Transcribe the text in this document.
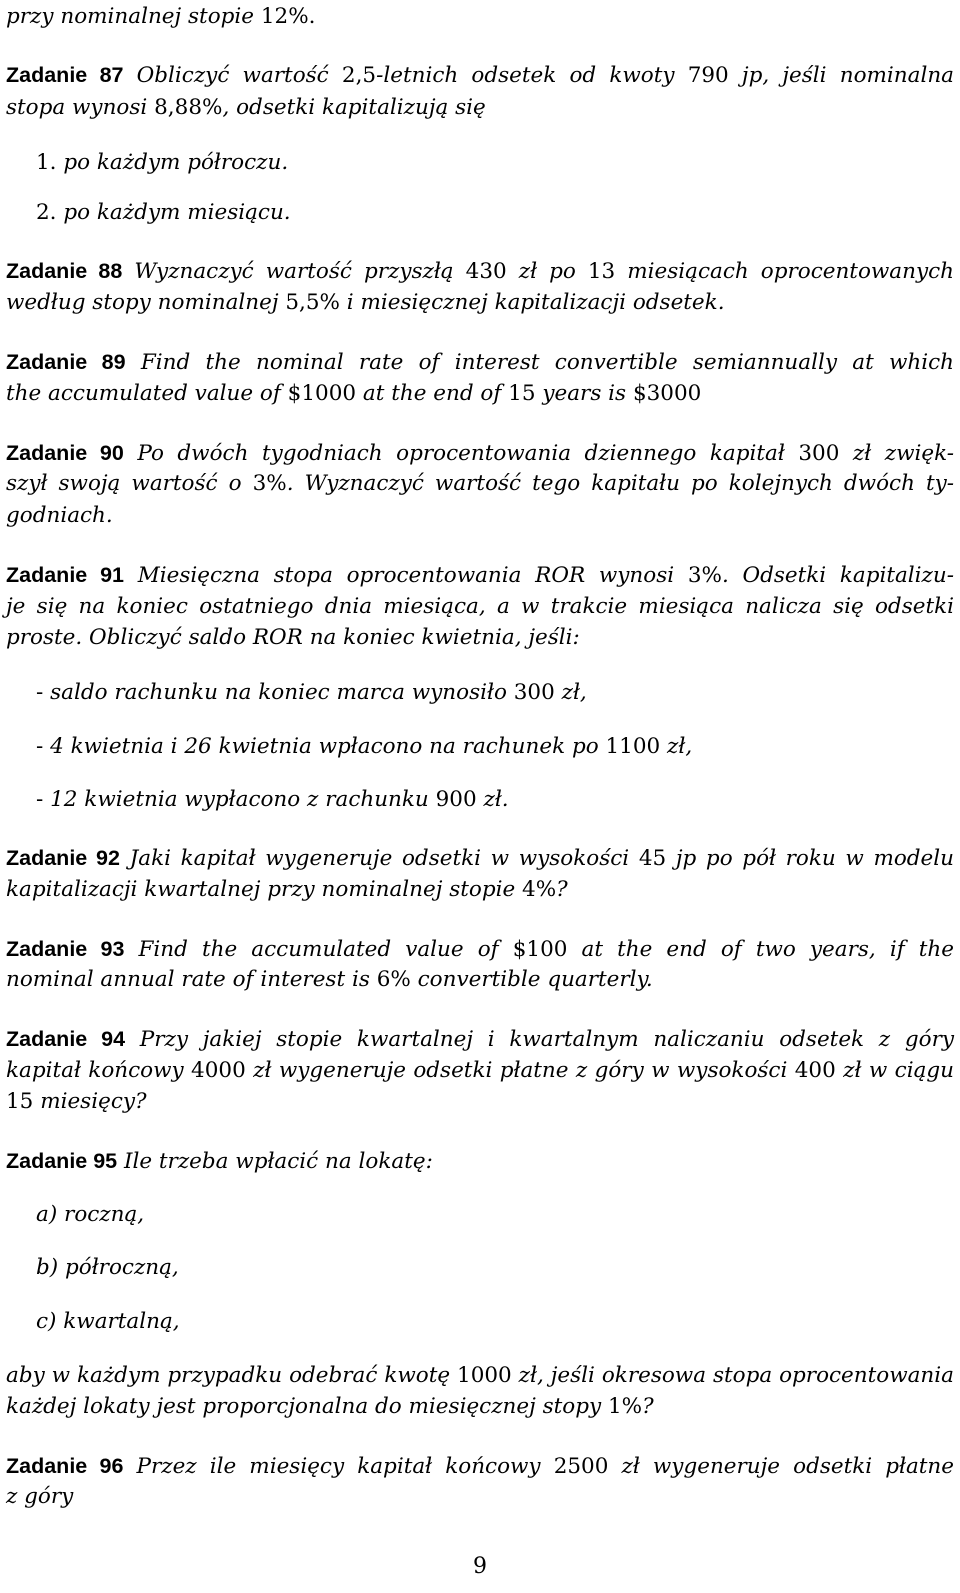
9
przy nominalnej stopie 12%.
Zadanie 87 Obliczyć wartość 2,5-letnich odsetek od kwoty 790 jp, jeśli nominalna
stopa wynosi 8,88%, odsetki kapitalizują się
1. po każdym półroczu.
2. po każdym miesiącu.
Zadanie 88 Wyznaczyć wartość przyszłą 430 zł po 13 miesiącach oprocentowanych
według stopy nominalnej 5,5% i miesięcznej kapitalizacji odsetek.
Zadanie 89 Find the nominal rate of interest convertible semiannually at which
the accumulated value of $1000 at the end of 15 years is $3000
Zadanie 90 Po dwóch tygodniach oprocentowania dziennego kapitał 300 zł zwięk-
szył swoją wartość o 3%. Wyznaczyć wartość tego kapitału po kolejnych dwóch ty-
godniach.
Zadanie 91 Miesięczna stopa oprocentowania ROR wynosi 3%. Odsetki kapitalizu-
je się na koniec ostatniego dnia miesiąca, a w trakcie miesiąca nalicza się odsetki
proste. Obliczyć saldo ROR na koniec kwietnia, jeśli:
- saldo rachunku na koniec marca wynosiło 300 zł,
- 4 kwietnia i 26 kwietnia wpłacono na rachunek po 1100 zł,
- 12 kwietnia wypłacono z rachunku 900 zł.
Zadanie 92 Jaki kapitał wygeneruje odsetki w wysokości 45 jp po pół roku w modelu
kapitalizacji kwartalnej przy nominalnej stopie 4%?
Zadanie 93 Find the accumulated value of $100 at the end of two years, if the
nominal annual rate of interest is 6% convertible quarterly.
Zadanie 94 Przy jakiej stopie kwartalnej i kwartalnym naliczaniu odsetek z góry
kapitał końcowy 4000 zł wygeneruje odsetki płatne z góry w wysokości 400 zł w ciągu
15 miesięcy?
Zadanie 95 Ile trzeba wpłacić na lokatę:
a) roczną,
b) półroczną,
c) kwartalną,
aby w każdym przypadku odebrać kwotę 1000 zł, jeśli okresowa stopa oprocentowania
każdej lokaty jest proporcjonalna do miesięcznej stopy 1%?
Zadanie 96 Przez ile miesięcy kapitał końcowy 2500 zł wygeneruje odsetki płatne
z góry
